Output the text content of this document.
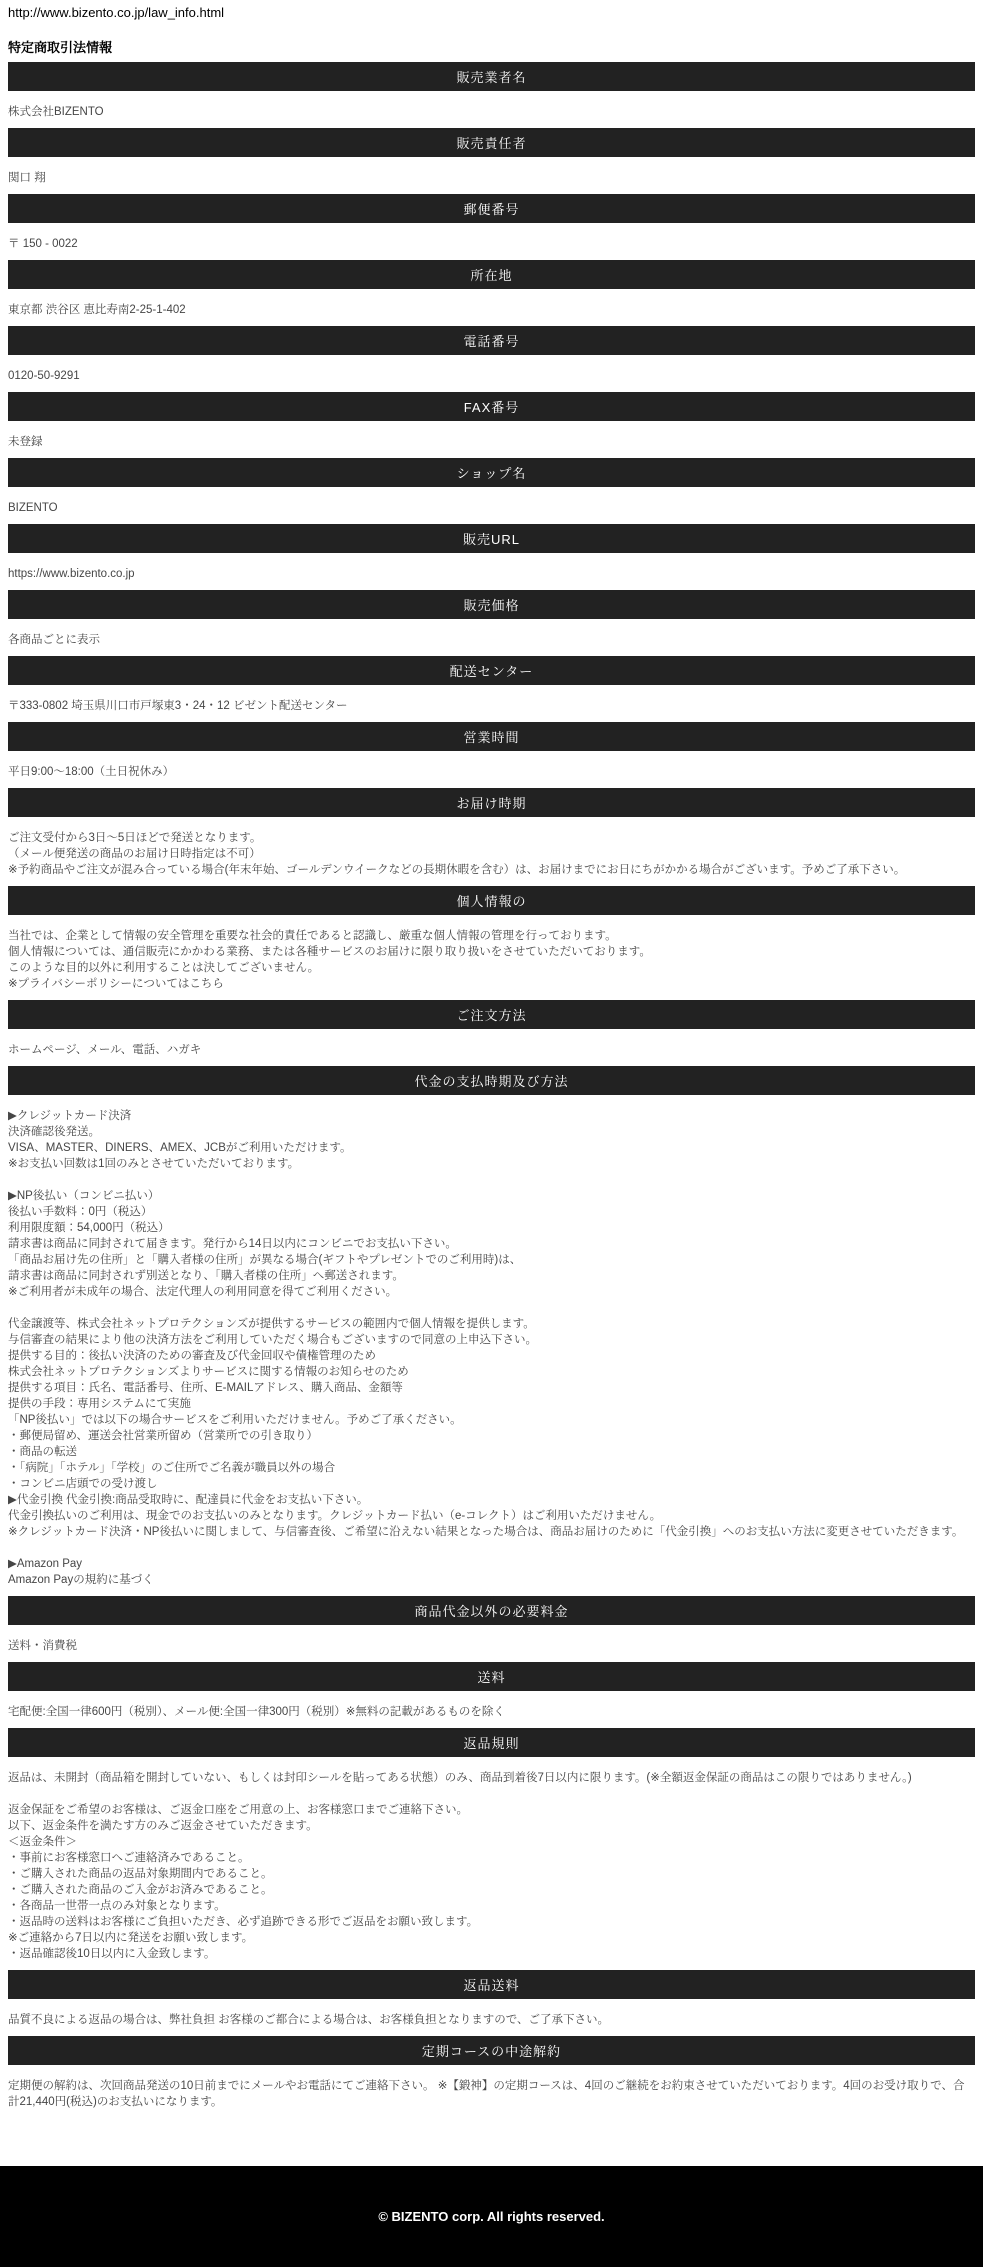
http://www.bizento.co.jp/law_info.html
特定商取引法情報
販売業者名
株式会社BIZENTO
販売責任者
関口 翔
郵便番号
〒 150 - 0022
所在地
東京都 渋谷区 恵比寿南2-25-1-402
電話番号
0120-50-9291
FAX番号
未登録
ショップ名
BIZENTO
販売URL
https://www.bizento.co.jp
販売価格
各商品ごとに表示
配送センター
〒333-0802 埼玉県川口市戸塚東3・24・12 ビゼント配送センター
営業時間
平日9:00～18:00（土日祝休み）
お届け時期
ご注文受付から3日～5日ほどで発送となります。
（メール便発送の商品のお届け日時指定は不可）
※予約商品やご注文が混み合っている場合(年末年始、ゴールデンウイークなどの長期休暇を含む）は、お届けまでにお日にちがかかる場合がございます。予めご了承下さい。
個人情報の
当社では、企業として情報の安全管理を重要な社会的責任であると認識し、厳重な個人情報の管理を行っております。
個人情報については、通信販売にかかわる業務、または各種サービスのお届けに限り取り扱いをさせていただいております。
このような目的以外に利用することは決してございません。
※プライバシーポリシーについてはこちら
ご注文方法
ホームページ、メール、電話、ハガキ
代金の支払時期及び方法
▶クレジットカード決済
決済確認後発送。
VISA、MASTER、DINERS、AMEX、JCBがご利用いただけます。
※お支払い回数は1回のみとさせていただいております。
▶NP後払い（コンビニ払い）
後払い手数料：0円（税込）
利用限度額：54,000円（税込）
請求書は商品に同封されて届きます。発行から14日以内にコンビニでお支払い下さい。
「商品お届け先の住所」と「購入者様の住所」が異なる場合(ギフトやプレゼントでのご利用時)は、
請求書は商品に同封されず別送となり、「購入者様の住所」へ郵送されます。
※ご利用者が未成年の場合、法定代理人の利用同意を得てご利用ください。
代金譲渡等、株式会社ネットプロテクションズが提供するサービスの範囲内で個人情報を提供します。
与信審査の結果により他の決済方法をご利用していただく場合もございますので同意の上申込下さい。
提供する目的：後払い決済のための審査及び代金回収や債権管理のため
株式会社ネットプロテクションズよりサービスに関する情報のお知らせのため
提供する項目：氏名、電話番号、住所、E-MAILアドレス、購入商品、金額等
提供の手段：専用システムにて実施
「NP後払い」では以下の場合サービスをご利用いただけません。予めご了承ください。
・郵便局留め、運送会社営業所留め（営業所での引き取り）
・商品の転送
・「病院」「ホテル」「学校」のご住所でご名義が職員以外の場合
・コンビニ店頭での受け渡し
▶代金引換 代金引換:商品受取時に、配達員に代金をお支払い下さい。
代金引換払いのご利用は、現金でのお支払いのみとなります。クレジットカード払い（e-コレクト）はご利用いただけません。
※クレジットカード決済・NP後払いに関しまして、与信審査後、ご希望に沿えない結果となった場合は、商品お届けのために「代金引換」へのお支払い方法に変更させていただきます。
▶Amazon Pay
Amazon Payの規約に基づく
商品代金以外の必要料金
送料・消費税
送料
宅配便:全国一律600円（税別）、メール便:全国一律300円（税別）※無料の記載があるものを除く
返品規則
返品は、未開封（商品箱を開封していない、もしくは封印シールを貼ってある状態）のみ、商品到着後7日以内に限ります。(※全額返金保証の商品はこの限りではありません。)
返金保証をご希望のお客様は、ご返金口座をご用意の上、お客様窓口までご連絡下さい。
以下、返金条件を満たす方のみご返金させていただきます。
＜返金条件＞
・事前にお客様窓口へご連絡済みであること。
・ご購入された商品の返品対象期間内であること。
・ご購入された商品のご入金がお済みであること。
・各商品一世帯一点のみ対象となります。
・返品時の送料はお客様にご負担いただき、必ず追跡できる形でご返品をお願い致します。
※ご連絡から7日以内に発送をお願い致します。
・返品確認後10日以内に入金致します。
返品送料
品質不良による返品の場合は、弊社負担 お客様のご都合による場合は、お客様負担となりますので、ご了承下さい。
定期コースの中途解約
定期便の解約は、次回商品発送の10日前までにメールやお電話にてご連絡下さい。 ※【鍛神】の定期コースは、4回のご継続をお約束させていただいております。4回のお受け取りで、合計21,440円(税込)のお支払いになります。
© BIZENTO corp. All rights reserved.
